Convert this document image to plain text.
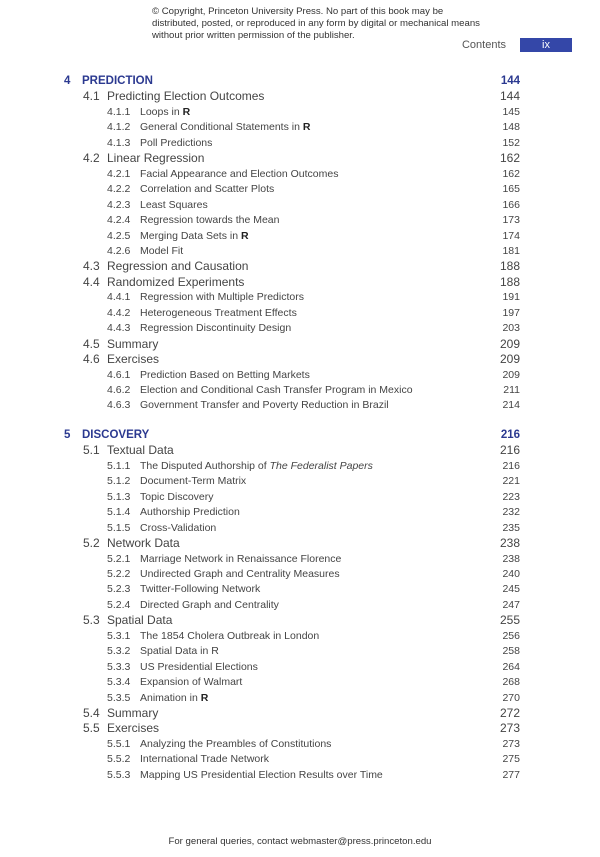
© Copyright, Princeton University Press. No part of this book may be distributed, posted, or reproduced in any form by digital or mechanical means without prior written permission of the publisher.
Contents	ix
4 PREDICTION	144
4.1 Predicting Election Outcomes	144
4.1.1 Loops in R	145
4.1.2 General Conditional Statements in R	148
4.1.3 Poll Predictions	152
4.2 Linear Regression	162
4.2.1 Facial Appearance and Election Outcomes	162
4.2.2 Correlation and Scatter Plots	165
4.2.3 Least Squares	166
4.2.4 Regression towards the Mean	173
4.2.5 Merging Data Sets in R	174
4.2.6 Model Fit	181
4.3 Regression and Causation	188
4.4 Randomized Experiments	188
4.4.1 Regression with Multiple Predictors	191
4.4.2 Heterogeneous Treatment Effects	197
4.4.3 Regression Discontinuity Design	203
4.5 Summary	209
4.6 Exercises	209
4.6.1 Prediction Based on Betting Markets	209
4.6.2 Election and Conditional Cash Transfer Program in Mexico	211
4.6.3 Government Transfer and Poverty Reduction in Brazil	214
5 DISCOVERY	216
5.1 Textual Data	216
5.1.1 The Disputed Authorship of The Federalist Papers	216
5.1.2 Document-Term Matrix	221
5.1.3 Topic Discovery	223
5.1.4 Authorship Prediction	232
5.1.5 Cross-Validation	235
5.2 Network Data	238
5.2.1 Marriage Network in Renaissance Florence	238
5.2.2 Undirected Graph and Centrality Measures	240
5.2.3 Twitter-Following Network	245
5.2.4 Directed Graph and Centrality	247
5.3 Spatial Data	255
5.3.1 The 1854 Cholera Outbreak in London	256
5.3.2 Spatial Data in R	258
5.3.3 US Presidential Elections	264
5.3.4 Expansion of Walmart	268
5.3.5 Animation in R	270
5.4 Summary	272
5.5 Exercises	273
5.5.1 Analyzing the Preambles of Constitutions	273
5.5.2 International Trade Network	275
5.5.3 Mapping US Presidential Election Results over Time	277
For general queries, contact webmaster@press.princeton.edu
